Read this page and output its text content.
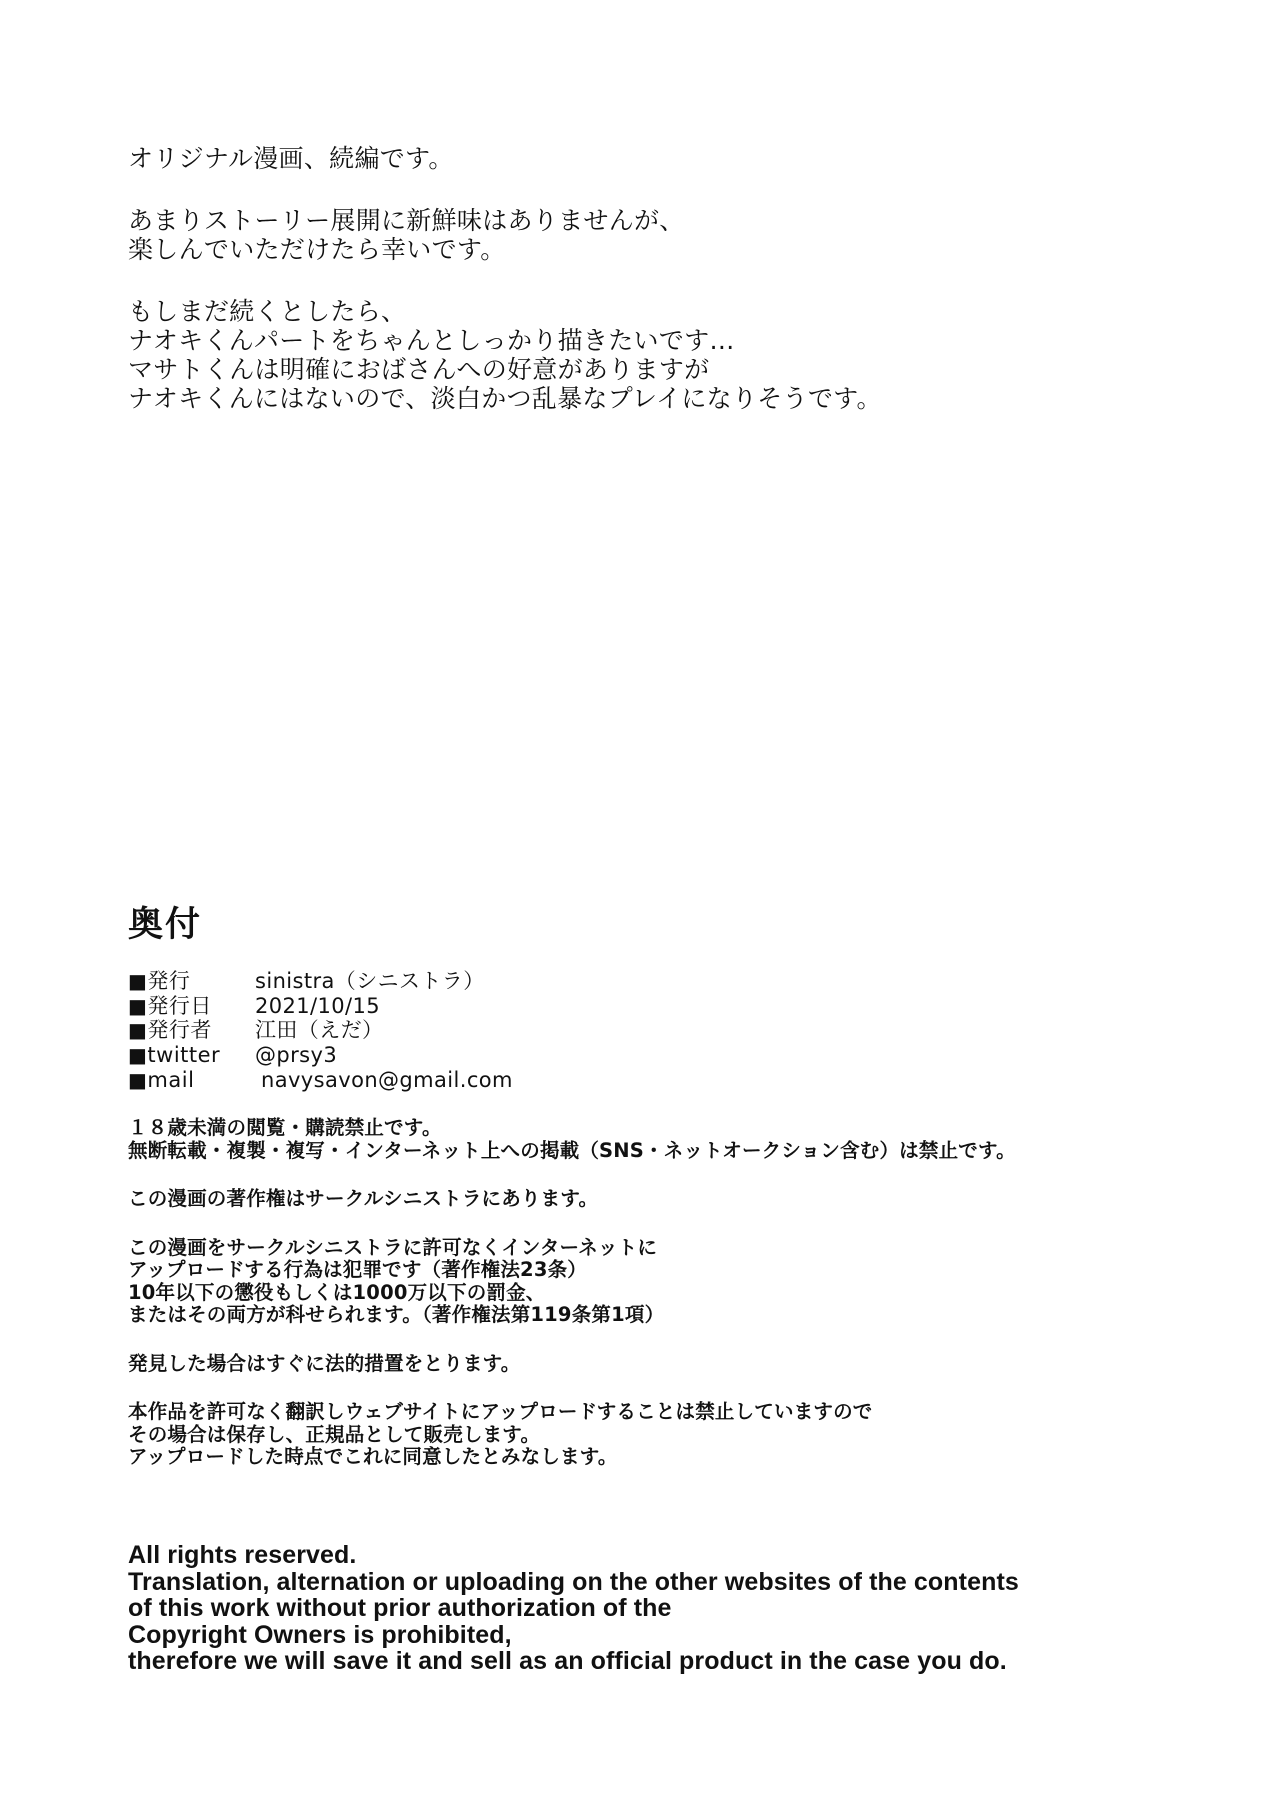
オリジナル漫画、続編です。

あまりストーリー展開に新鮮味はありませんが、
楽しんでいただけたら幸いです。

もしまだ続くとしたら、
ナオキくんパートをちゃんとしっかり描きたいです…
マサトくんは明確におばさんへの好意がありますが
ナオキくんにはないので、淡白かつ乱暴なプレイになりそうです。

奥付
■発行	sinistra（シニストラ）
■発行日	2021/10/15
■発行者	江田（えだ）
■twitter	@prsy3
■mail	navysavon@gmail.com

１８歳未満の閲覧・購読禁止です。
無断転載・複製・複写・インターネット上への掲載（SNS・ネットオークション含む）は禁止です。

この漫画の著作権はサークルシニストラにあります。

この漫画をサークルシニストラに許可なくインターネットに
アップロードする行為は犯罪です（著作権法23条）
10年以下の懲役もしくは1000万以下の罰金、
またはその両方が科せられます。（著作権法第119条第1項）

発見した場合はすぐに法的措置をとります。

本作品を許可なく翻訳しウェブサイトにアップロードすることは禁止していますので
その場合は保存し、正規品として販売します。
アップロードした時点でこれに同意したとみなします。

All rights reserved.
Translation, alternation or uploading on the other websites of the contents
of this work without prior authorization of the
Copyright Owners is prohibited,
therefore we will save it and sell as an official product in the case you do.
